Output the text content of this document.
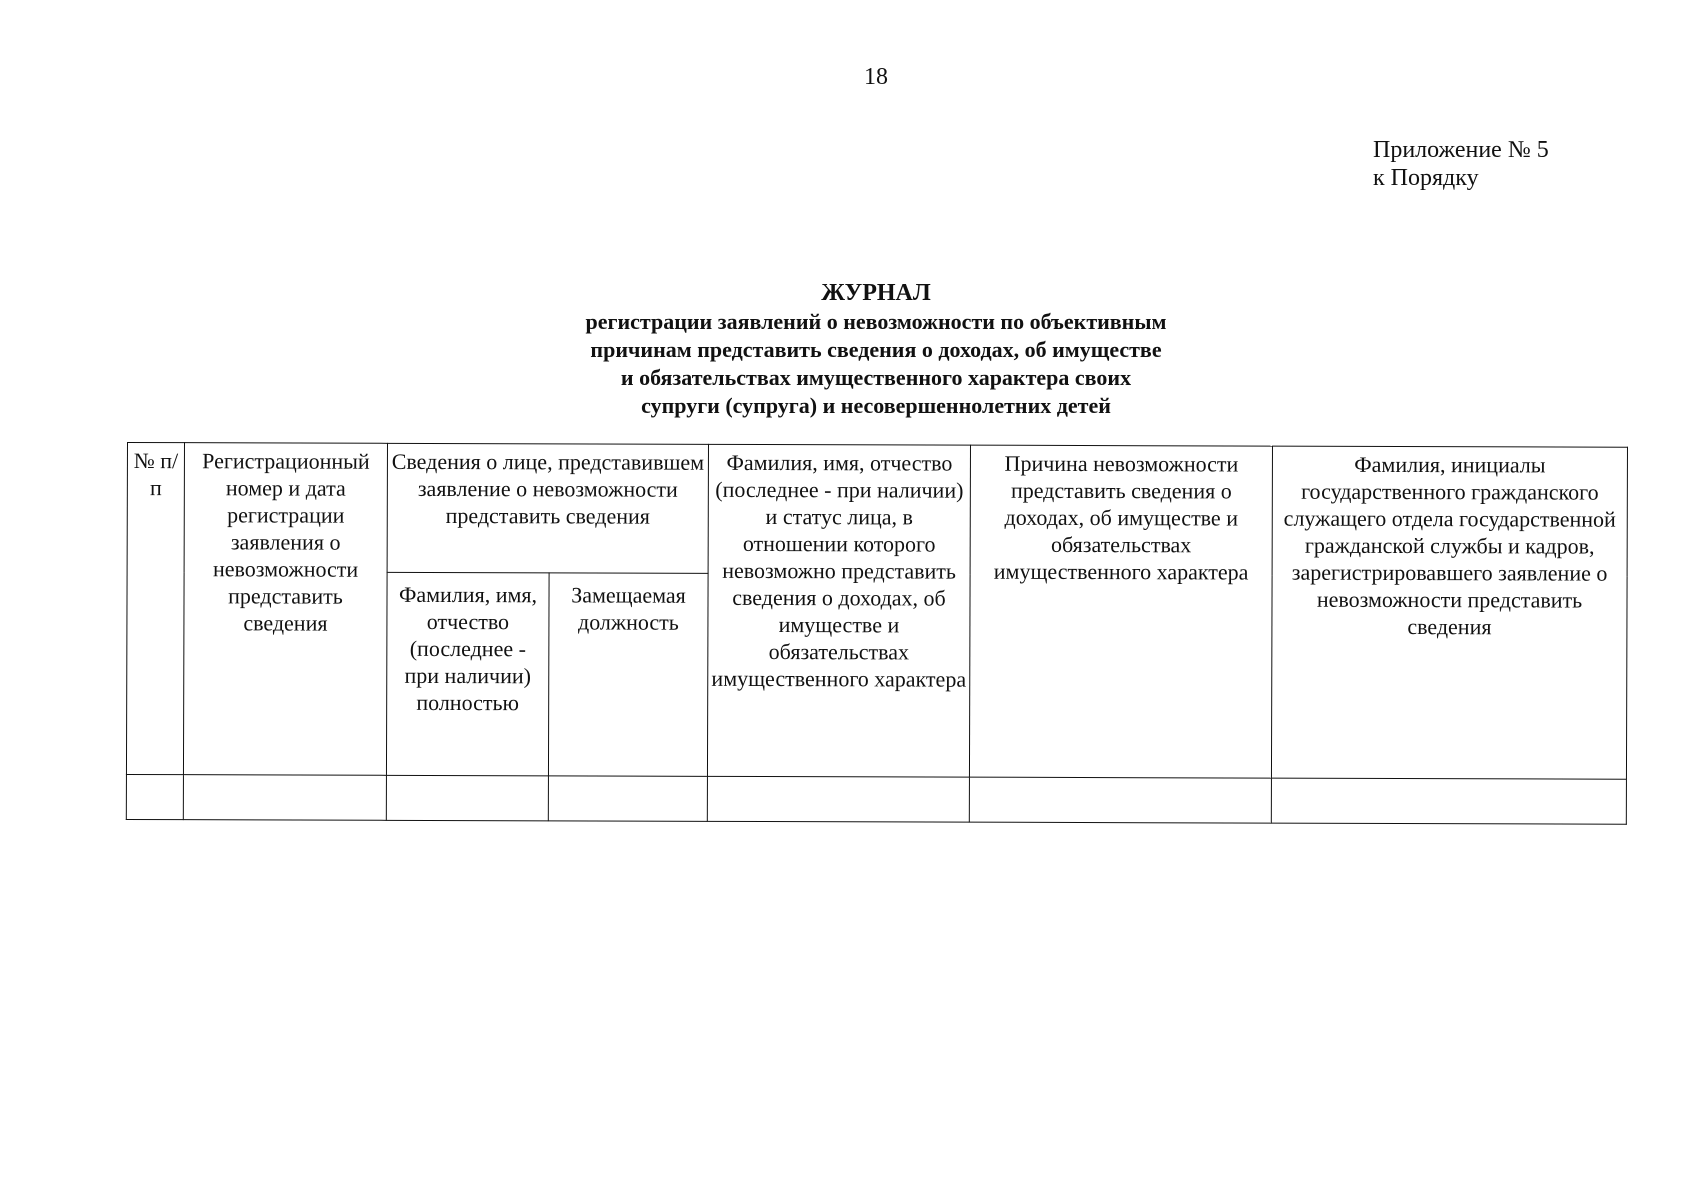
18
Приложение № 5
к Порядку
ЖУРНАЛ
регистрации заявлений о невозможности по объективным
причинам представить сведения о доходах, об имуществе
и обязательствах имущественного характера своих
супруги (супруга) и несовершеннолетних детей
№ п/п	Регистрационный номер и дата регистрации заявления о невозможности представить сведения	Сведения о лице, представившем заявление о невозможности представить сведения		Фамилия, имя, отчество (последнее - при наличии) и статус лица, в отношении которого невозможно представить сведения о доходах, об имуществе и обязательствах имущественного характера	Причина невозможности представить сведения о доходах, об имуществе и обязательствах имущественного характера	Фамилия, инициалы государственного гражданского служащего отдела государственной гражданской службы и кадров, зарегистрировавшего заявление о невозможности представить сведения
		Фамилия, имя, отчество (последнее - при наличии) полностью	Замещаемая должность			
